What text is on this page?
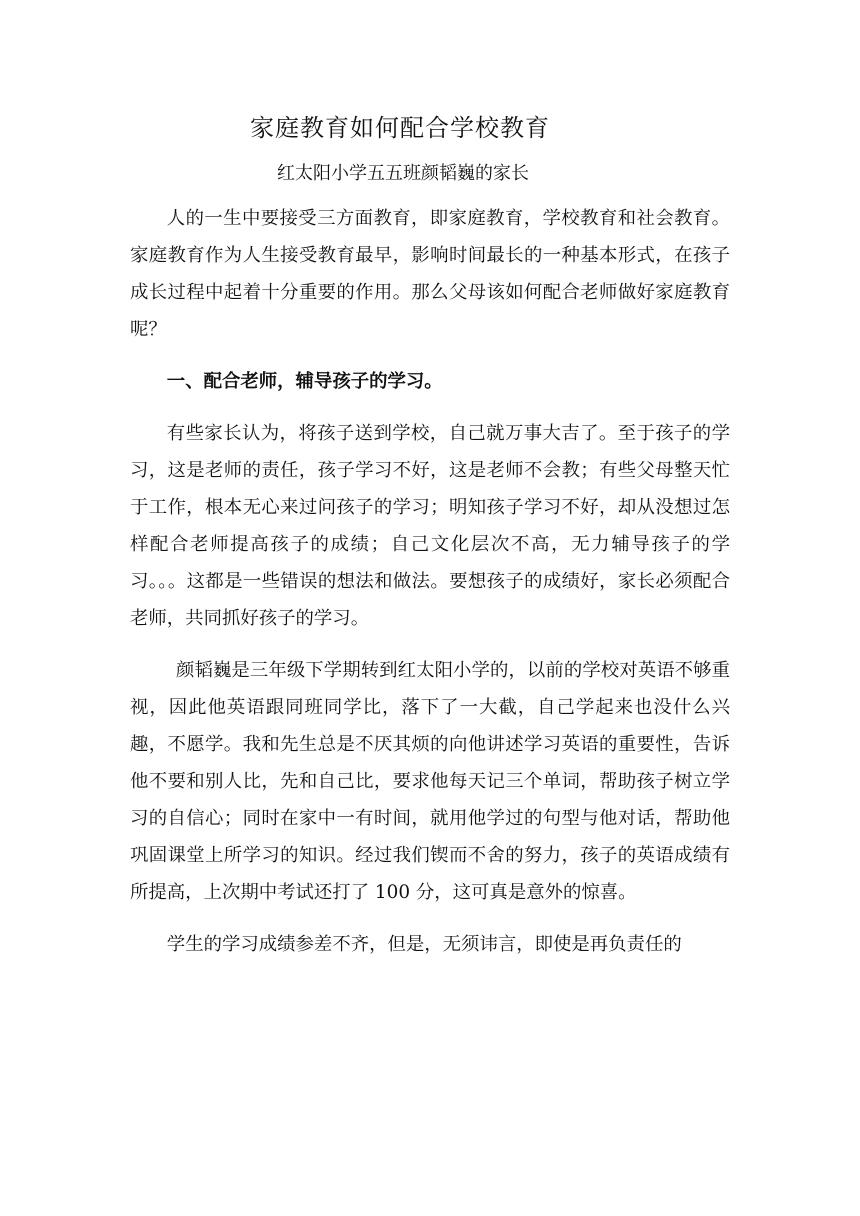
家庭教育如何配合学校教育
红太阳小学五五班颜韬巍的家长

人的一生中要接受三方面教育，即家庭教育，学校教育和社会教育。家庭教育作为人生接受教育最早，影响时间最长的一种基本形式，在孩子成长过程中起着十分重要的作用。那么父母该如何配合老师做好家庭教育呢？

一、配合老师，辅导孩子的学习。

有些家长认为，将孩子送到学校，自己就万事大吉了。至于孩子的学习，这是老师的责任，孩子学习不好，这是老师不会教；有些父母整天忙于工作，根本无心来过问孩子的学习；明知孩子学习不好，却从没想过怎样配合老师提高孩子的成绩；自己文化层次不高，无力辅导孩子的学习。。。这都是一些错误的想法和做法。要想孩子的成绩好，家长必须配合老师，共同抓好孩子的学习。

颜韬巍是三年级下学期转到红太阳小学的，以前的学校对英语不够重视，因此他英语跟同班同学比，落下了一大截，自己学起来也没什么兴趣，不愿学。我和先生总是不厌其烦的向他讲述学习英语的重要性，告诉他不要和别人比，先和自己比，要求他每天记三个单词，帮助孩子树立学习的自信心；同时在家中一有时间，就用他学过的句型与他对话，帮助他巩固课堂上所学习的知识。经过我们锲而不舍的努力，孩子的英语成绩有所提高，上次期中考试还打了 100 分，这可真是意外的惊喜。

学生的学习成绩参差不齐，但是，无须讳言，即使是再负责任的
